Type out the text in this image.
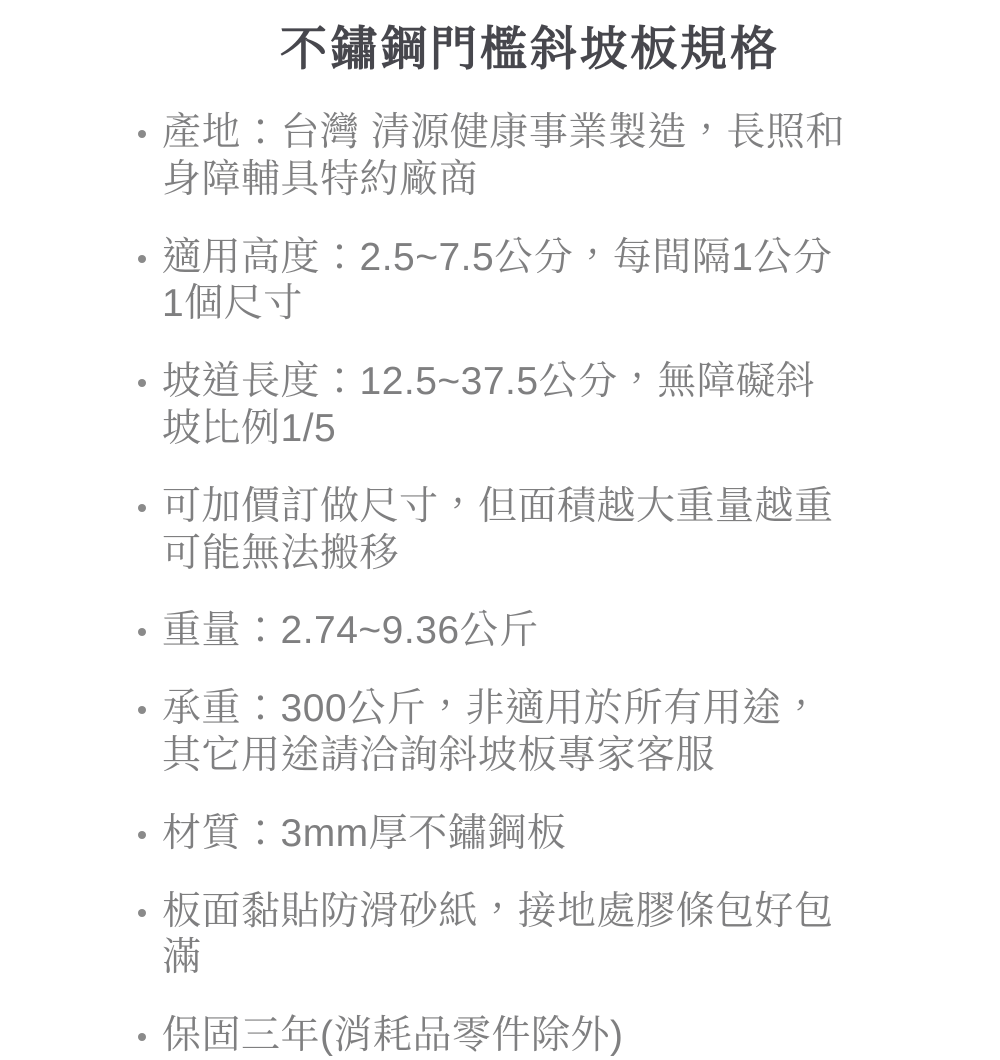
不鏽鋼門檻斜坡板規格
產地：台灣 清源健康事業製造，長照和身障輔具特約廠商
適用高度：2.5~7.5公分，每間隔1公分1個尺寸
坡道長度：12.5~37.5公分，無障礙斜坡比例1/5
可加價訂做尺寸，但面積越大重量越重可能無法搬移
重量：2.74~9.36公斤
承重：300公斤，非適用於所有用途，其它用途請洽詢斜坡板專家客服
材質：3mm厚不鏽鋼板
板面黏貼防滑砂紙，接地處膠條包好包滿
保固三年(消耗品零件除外)
